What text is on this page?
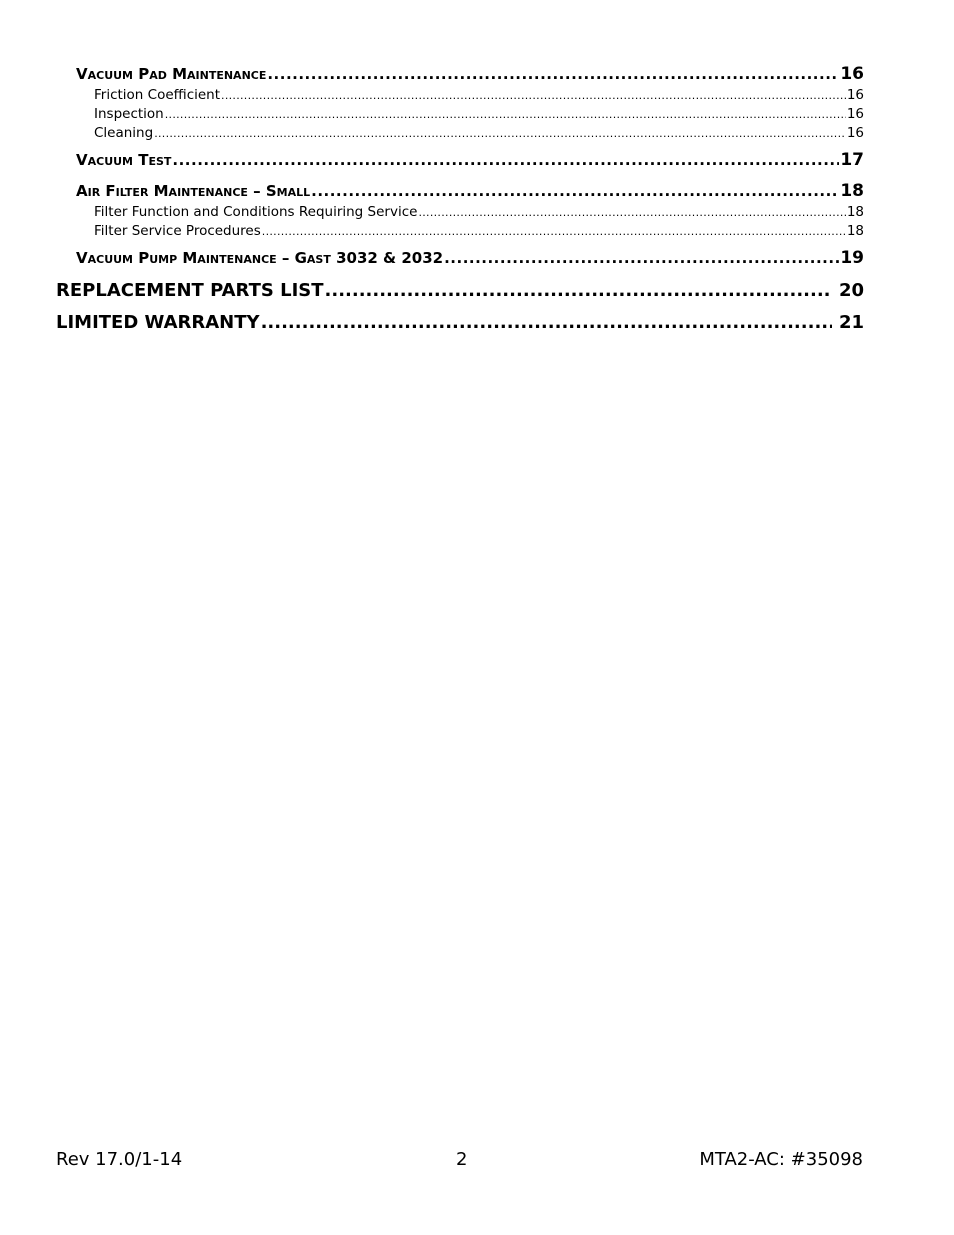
Vacuum Pad Maintenance .....	16
Friction Coefficient .....	16
Inspection .....	16
Cleaning .....	16
Vacuum Test .....	17
Air Filter Maintenance – Small .....	18
Filter Function and Conditions Requiring Service .....	18
Filter Service Procedures .....	18
Vacuum Pump Maintenance – Gast 3032 & 2032 .....	19
REPLACEMENT PARTS LIST .....	20
LIMITED WARRANTY .....	21
Rev 17.0/1-14	2	MTA2-AC: #35098
